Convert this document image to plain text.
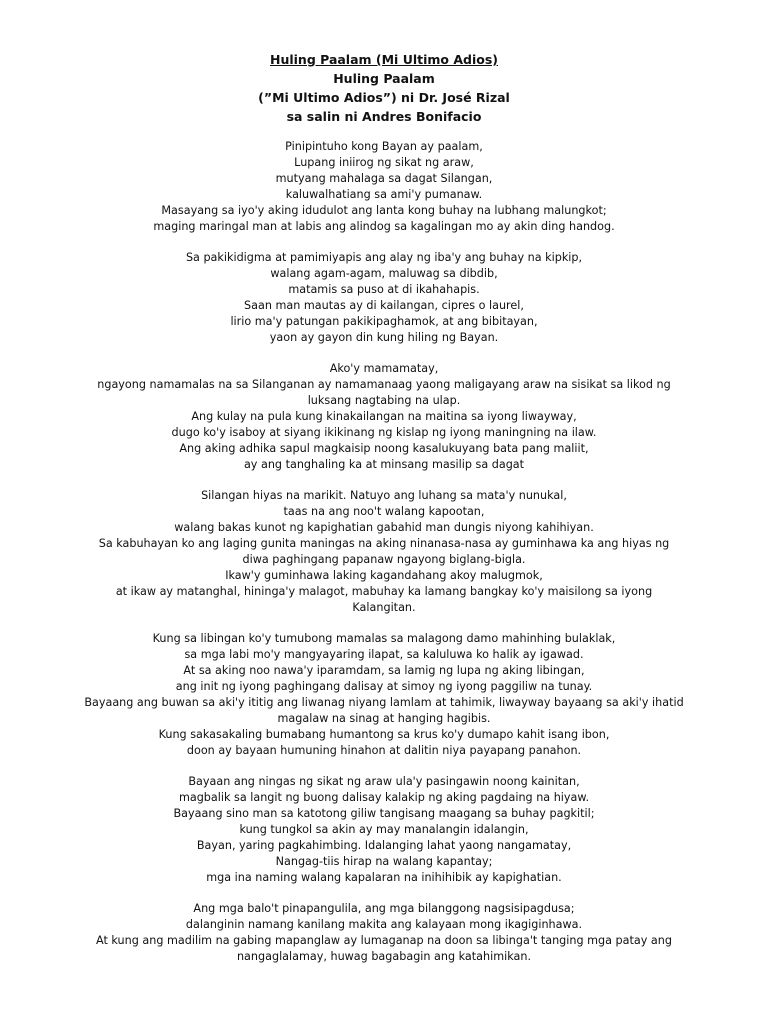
Huling Paalam (Mi Ultimo Adios)
Huling Paalam
(”Mi Ultimo Adios”) ni Dr. José Rizal
sa salin ni Andres Bonifacio
Pinipintuho kong Bayan ay paalam,
Lupang iniirog ng sikat ng araw,
mutyang mahalaga sa dagat Silangan,
kaluwalhatiang sa ami'y pumanaw.
Masayang sa iyo'y aking idudulot ang lanta kong buhay na lubhang malungkot;
maging maringal man at labis ang alindog sa kagalingan mo ay akin ding handog.
Sa pakikidigma at pamimiyapis ang alay ng iba'y ang buhay na kipkip,
walang agam-agam, maluwag sa dibdib,
matamis sa puso at di ikahahapis.
Saan man mautas ay di kailangan, cipres o laurel,
lirio ma'y patungan pakikipaghamok, at ang bibitayan,
yaon ay gayon din kung hiling ng Bayan.
Ako'y mamamatay,
ngayong namamalas na sa Silanganan ay namamanaag yaong maligayang araw na sisikat sa likod ng luksang nagtabing na ulap.
Ang kulay na pula kung kinakailangan na maitina sa iyong liwayway,
dugo ko'y isaboy at siyang ikikinang ng kislap ng iyong maningning na ilaw.
Ang aking adhika sapul magkaisip noong kasalukuyang bata pang maliit,
ay ang tanghaling ka at minsang masilip sa dagat
Silangan hiyas na marikit. Natuyo ang luhang sa mata'y nunukal,
taas na ang noo't walang kapootan,
walang bakas kunot ng kapighatian gabahid man dungis niyong kahihiyan.
Sa kabuhayan ko ang laging gunita maningas na aking ninanasa-nasa ay guminhawa ka ang hiyas ng diwa paghingang papanaw ngayong biglang-bigla.
Ikaw'y guminhawa laking kagandahang akoy malugmok,
at ikaw ay matanghal, hininga'y malagot, mabuhay ka lamang bangkay ko'y maisilong sa iyong Kalangitan.
Kung sa libingan ko'y tumubong mamalas sa malagong damo mahinhing bulaklak,
sa mga labi mo'y mangyayaring ilapat, sa kaluluwa ko halik ay igawad.
At sa aking noo nawa'y iparamdam, sa lamig ng lupa ng aking libingan,
ang init ng iyong paghingang dalisay at simoy ng iyong paggiliw na tunay.
Bayaang ang buwan sa aki'y ititig ang liwanag niyang lamlam at tahimik, liwayway bayaang sa aki'y ihatid magalaw na sinag at hanging hagibis.
Kung sakasakaling bumabang humantong sa krus ko'y dumapo kahit isang ibon,
doon ay bayaan humuning hinahon at dalitin niya payapang panahon.
Bayaan ang ningas ng sikat ng araw ula'y pasingawin noong kainitan,
magbalik sa langit ng buong dalisay kalakip ng aking pagdaing na hiyaw.
Bayaang sino man sa katotong giliw tangisang maagang sa buhay pagkitil;
kung tungkol sa akin ay may manalangin idalangin,
Bayan, yaring pagkahimbing. Idalanging lahat yaong nangamatay,
Nangag-tiis hirap na walang kapantay;
mga ina naming walang kapalaran na inihihibik ay kapighatian.
Ang mga balo't pinapangulila, ang mga bilanggong nagsisipagdusa;
dalanginin namang kanilang makita ang kalayaan mong ikagiginhawa.
At kung ang madilim na gabing mapanglaw ay lumaganap na doon sa libinga't tanging mga patay ang nangaglalamay, huwag bagabagin ang katahimikan.
